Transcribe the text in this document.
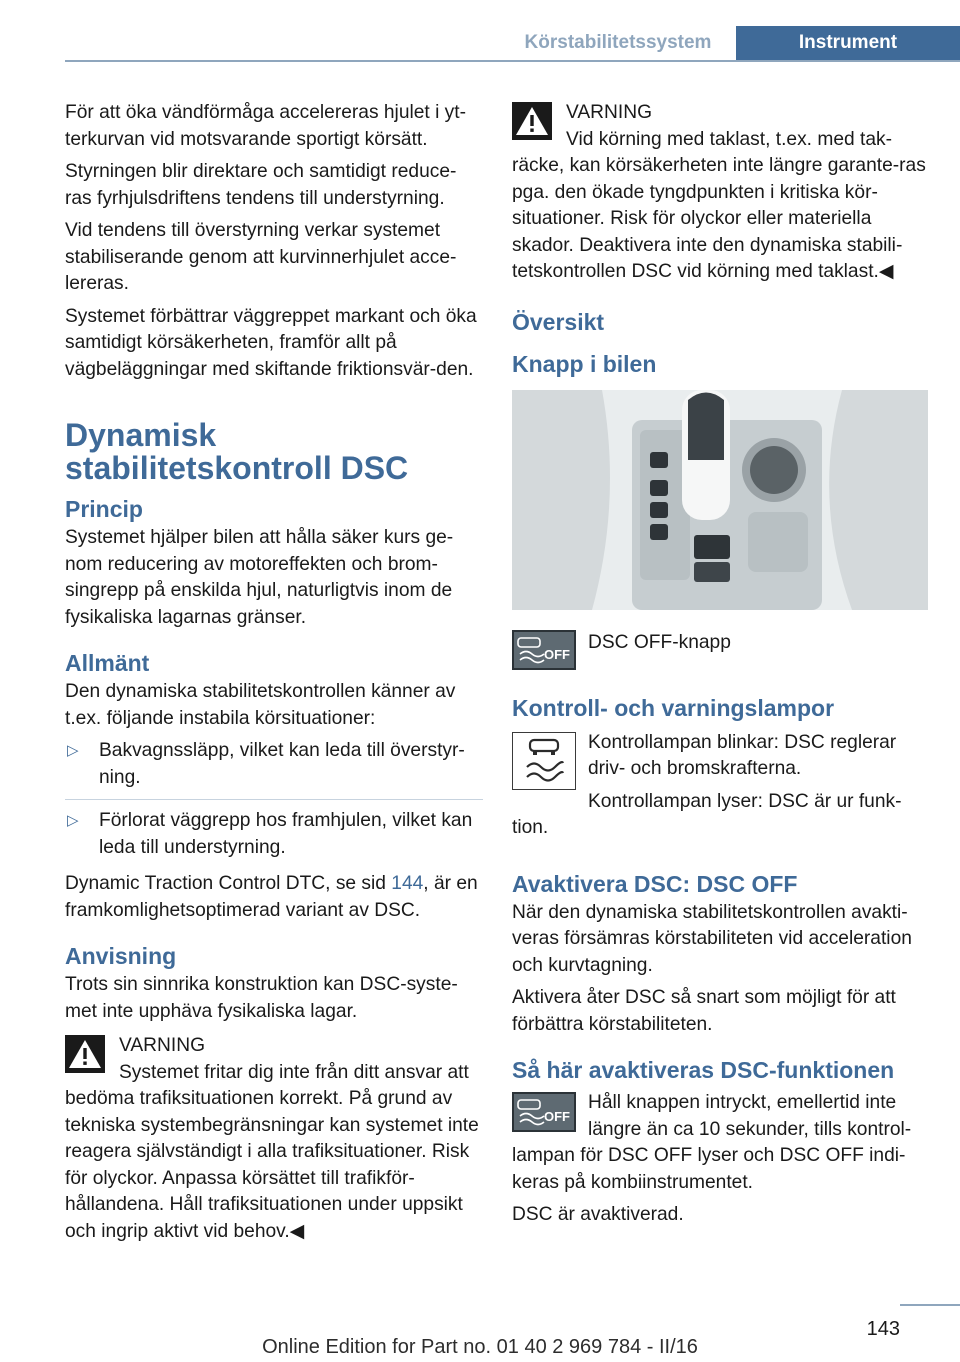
Körstabilitetssystem	Instrument

För att öka vändförmåga accelereras hjulet i yt-terkurvan vid motsvarande sportigt körsätt.

Styrningen blir direktare och samtidigt reduce-ras fyrhjulsdriftens tendens till understyrning.

Vid tendens till överstyrning verkar systemet stabiliserande genom att kurvinnerhjulet acce-lereras.

Systemet förbättrar väggreppet markant och öka samtidigt körsäkerheten, framför allt på vägbeläggningar med skiftande friktionsvär-den.

Dynamisk stabilitetskontroll DSC
Princip

Systemet hjälper bilen att hålla säker kurs ge-nom reducering av motoreffekten och brom-singrepp på enskilda hjul, naturligtvis inom de fysikaliska lagarnas gränser.

Allmänt

Den dynamiska stabilitetskontrollen känner av t.ex. följande instabila körsituationer:

▷ Bakvagnssläpp, vilket kan leda till överstyr-ning.
▷ Förlorat väggrepp hos framhjulen, vilket kan leda till understyrning.

Dynamic Traction Control DTC, se sid 144, är en framkomlighetsoptimerad variant av DSC.

Anvisning

Trots sin sinnrika konstruktion kan DSC-syste-met inte upphäva fysikaliska lagar.

VARNING
Systemet fritar dig inte från ditt ansvar att bedöma trafiksituationen korrekt. På grund av tekniska systembegränsningar kan systemet inte reagera självständigt i alla trafiksituationer. Risk för olyckor. Anpassa körsättet till trafikför-hållandena. Håll trafiksituationen under uppsikt och ingrip aktivt vid behov.◀
VARNING
Vid körning med taklast, t.ex. med tak-räcke, kan körsäkerheten inte längre garante-ras pga. den ökade tyngdpunkten i kritiska kör-situationer. Risk för olyckor eller materiella skador. Deaktivera inte den dynamiska stabili-tetskontrollen DSC vid körning med taklast.◀
Översikt
Knapp i bilen
OFF

DSC OFF-knapp

Kontroll- och varningslampor

Kontrollampan blinkar: DSC reglerar driv- och bromskrafterna.

Kontrollampan lyser: DSC är ur funk-tion.

Avaktivera DSC: DSC OFF

När den dynamiska stabilitetskontrollen avakti-veras försämras körstabiliteten vid acceleration och kurvtagning.

Aktivera åter DSC så snart som möjligt för att förbättra körstabiliteten.

Så här avaktiveras DSC-funktionen
OFF

Håll knappen intryckt, emellertid inte längre än ca 10 sekunder, tills kontrol-lampan för DSC OFF lyser och DSC OFF indi-keras på kombiinstrumentet.

DSC är avaktiverad.

143
Online Edition for Part no. 01 40 2 969 784 - II/16
